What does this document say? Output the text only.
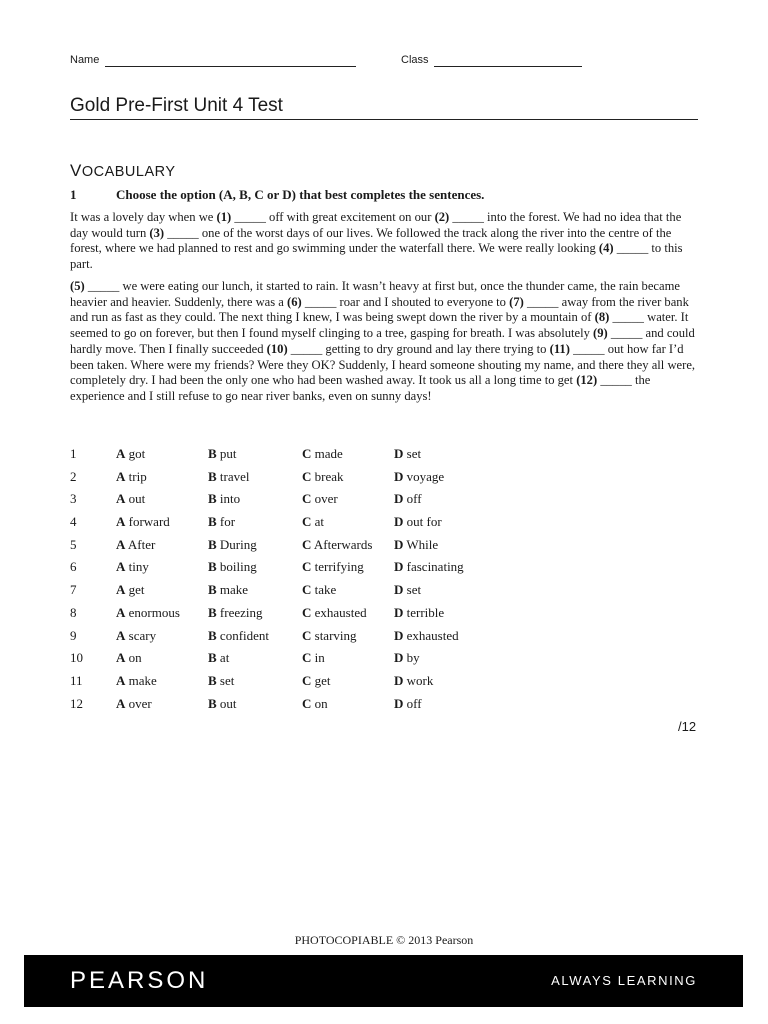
Name	Class
Gold Pre-First Unit 4 Test
VOCABULARY
1	Choose the option (A, B, C or D) that best completes the sentences.

It was a lovely day when we (1) _____ off with great excitement on our (2) _____ into the forest. We had no idea that the day would turn (3) _____ one of the worst days of our lives. We followed the track along the river into the centre of the forest, where we had planned to rest and go swimming under the waterfall there. We were really looking (4) _____ to this part.

(5) _____ we were eating our lunch, it started to rain. It wasn’t heavy at first but, once the thunder came, the rain became heavier and heavier. Suddenly, there was a (6) _____ roar and I shouted to everyone to (7) _____ away from the river bank and run as fast as they could. The next thing I knew, I was being swept down the river by a mountain of (8) _____ water. It seemed to go on forever, but then I found myself clinging to a tree, gasping for breath. I was absolutely (9) _____ and could hardly move. Then I finally succeeded (10) _____ getting to dry ground and lay there trying to (11) _____ out how far I’d been taken. Where were my friends? Were they OK? Suddenly, I heard someone shouting my name, and there they all were, completely dry. I had been the only one who had been washed away. It took us all a long time to get (12) _____ the experience and I still refuse to go near river banks, even on sunny days!

1	A got	B put	C made	D set
2	A trip	B travel	C break	D voyage
3	A out	B into	C over	D off
4	A forward	B for	C at	D out for
5	A After	B During	C Afterwards D While
6	A tiny	B boiling	C terrifying D fascinating
7	A get	B make	C take	D set
8	A enormous B freezing	C exhausted D terrible
9	A scary	B confident	C starving	D exhausted
10	A on	B at	C in	D by
11	A make	B set	C get	D work
12	A over	B out	C on	D off
/12
PHOTOCOPIABLE © 2013 Pearson
PEARSON	ALWAYS LEARNING
